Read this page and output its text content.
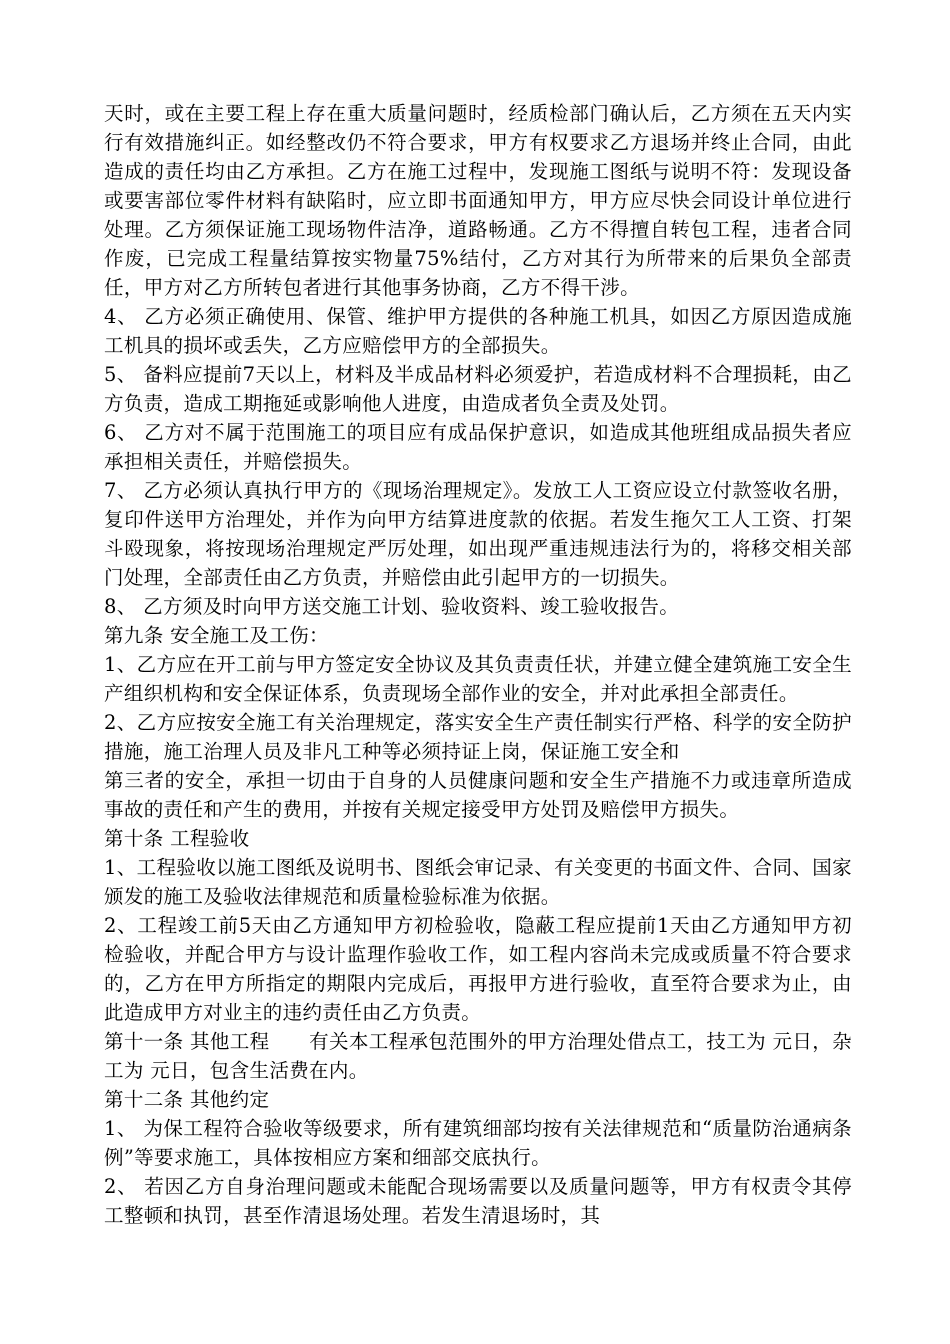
天时，或在主要工程上存在重大质量问题时，经质检部门确认后，乙方须在五天内实行有效措施纠正。如经整改仍不符合要求，甲方有权要求乙方退场并终止合同，由此造成的责任均由乙方承担。乙方在施工过程中，发现施工图纸与说明不符：发现设备或要害部位零件材料有缺陷时，应立即书面通知甲方，甲方应尽快会同设计单位进行处理。乙方须保证施工现场物件洁净，道路畅通。乙方不得擅自转包工程，违者合同作废，已完成工程量结算按实物量75%结付，乙方对其行为所带来的后果负全部责任，甲方对乙方所转包者进行其他事务协商，乙方不得干涉。

4、 乙方必须正确使用、保管、维护甲方提供的各种施工机具，如因乙方原因造成施工机具的损坏或丢失，乙方应赔偿甲方的全部损失。

5、 备料应提前7天以上，材料及半成品材料必须爱护，若造成材料不合理损耗，由乙方负责，造成工期拖延或影响他人进度，由造成者负全责及处罚。

6、 乙方对不属于范围施工的项目应有成品保护意识，如造成其他班组成品损失者应承担相关责任，并赔偿损失。

7、 乙方必须认真执行甲方的《现场治理规定》。发放工人工资应设立付款签收名册，复印件送甲方治理处，并作为向甲方结算进度款的依据。若发生拖欠工人工资、打架斗殴现象，将按现场治理规定严厉处理，如出现严重违规违法行为的，将移交相关部门处理，全部责任由乙方负责，并赔偿由此引起甲方的一切损失。

8、 乙方须及时向甲方送交施工计划、验收资料、竣工验收报告。

第九条 安全施工及工伤：

1、乙方应在开工前与甲方签定安全协议及其负责责任状，并建立健全建筑施工安全生产组织机构和安全保证体系，负责现场全部作业的安全，并对此承担全部责任。

2、乙方应按安全施工有关治理规定，落实安全生产责任制实行严格、科学的安全防护措施，施工治理人员及非凡工种等必须持证上岗，保证施工安全和

第三者的安全，承担一切由于自身的人员健康问题和安全生产措施不力或违章所造成事故的责任和产生的费用，并按有关规定接受甲方处罚及赔偿甲方损失。

第十条 工程验收

1、工程验收以施工图纸及说明书、图纸会审记录、有关变更的书面文件、合同、国家颁发的施工及验收法律规范和质量检验标准为依据。

2、工程竣工前5天由乙方通知甲方初检验收，隐蔽工程应提前1天由乙方通知甲方初检验收，并配合甲方与设计监理作验收工作，如工程内容尚未完成或质量不符合要求的，乙方在甲方所指定的期限内完成后，再报甲方进行验收，直至符合要求为止，由此造成甲方对业主的违约责任由乙方负责。

第十一条 其他工程　　有关本工程承包范围外的甲方治理处借点工，技工为 元日，杂工为 元日，包含生活费在内。

第十二条 其他约定

1、 为保工程符合验收等级要求，所有建筑细部均按有关法律规范和“质量防治通病条例”等要求施工，具体按相应方案和细部交底执行。

2、 若因乙方自身治理问题或未能配合现场需要以及质量问题等，甲方有权责令其停工整顿和执罚，甚至作清退场处理。若发生清退场时，其
